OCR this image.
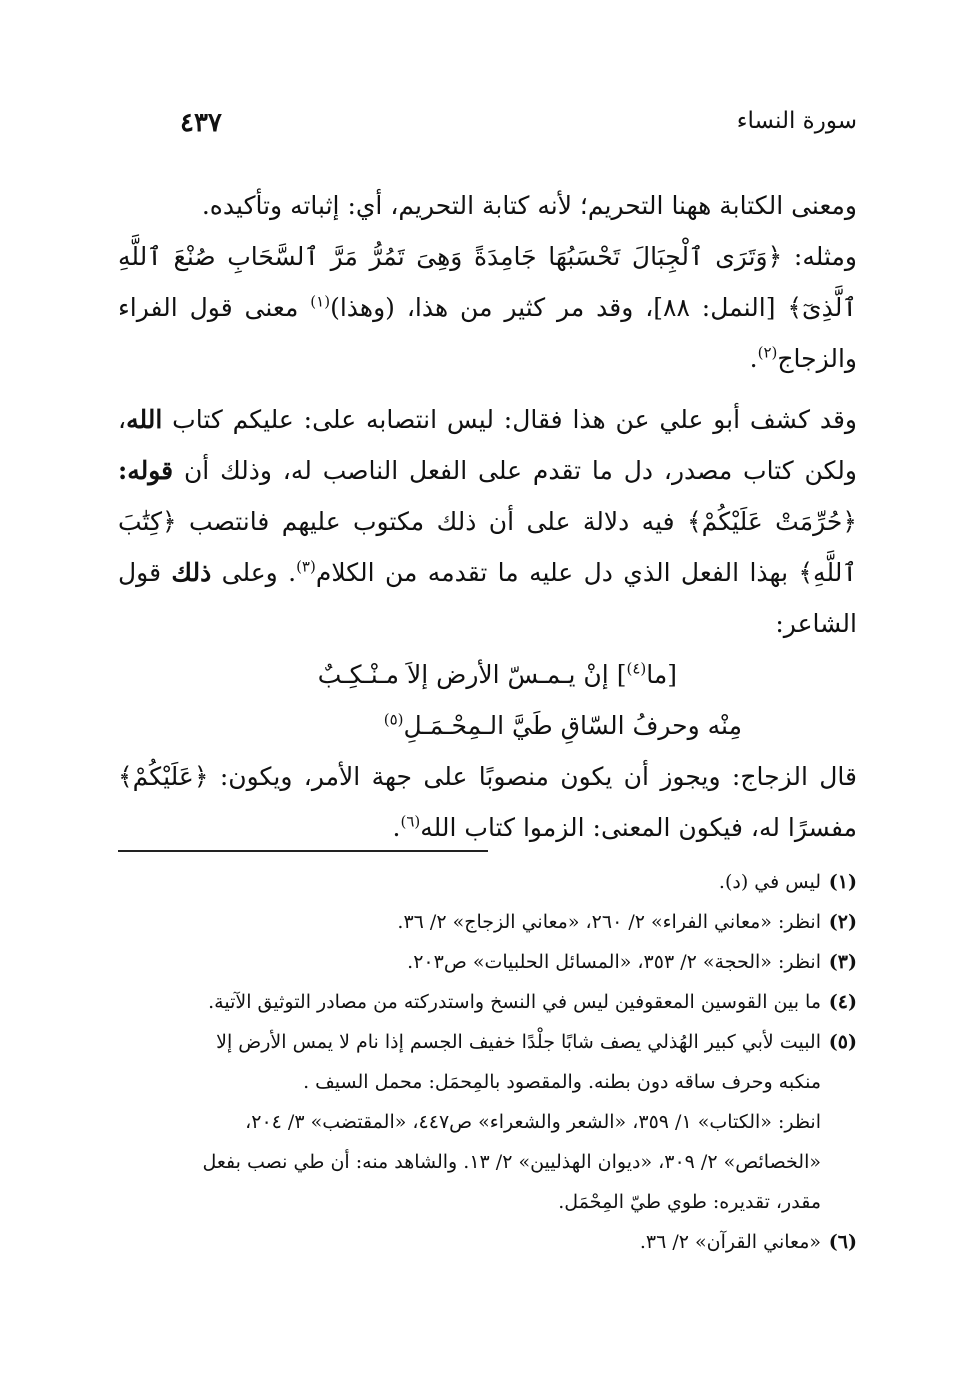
سورة النساء
٤٣٧

ومعنى الكتابة ههنا التحريم؛ لأنه كتابة التحريم، أي: إثباته وتأكيده.

ومثله: ﴿وَتَرَى ٱلْجِبَالَ تَحْسَبُهَا جَامِدَةً وَهِىَ تَمُرُّ مَرَّ ٱلسَّحَابِ صُنْعَ ٱللَّهِ ٱلَّذِىٓ﴾ [النمل: ٨٨]، وقد مر كثير من هذا، (وهذا)$^{(١)}$ معنى قول الفراء والزجاج$^{(٢)}$.

وقد كشف أبو علي عن هذا فقال: ليس انتصابه على: عليكم كتاب الله، ولكن كتاب مصدر، دل ما تقدم على الفعل الناصب له، وذلك أن قوله: ﴿حُرِّمَتْ عَلَيْكُمْ﴾ فيه دلالة على أن ذلك مكتوب عليهم فانتصب ﴿كِتَٰبَ ٱللَّهِ﴾ بهذا الفعل الذي دل عليه ما تقدمه من الكلام$^{(٣)}$. وعلى ذلك قول الشاعر:

[ما$^{(٤)}$] إنْ يـمـسّ الأرض إلاَ مـنْـكِـبٌ

مِنْه وحرفُ السّاقِ طَيَّ الـمِحْـمَـلِ$^{(٥)}$

قال الزجاج: ويجوز أن يكون منصوبًا على جهة الأمر، ويكون: ﴿عَلَيْكُمْ﴾ مفسرًا له، فيكون المعنى: الزموا كتاب الله$^{(٦)}$.

(١)
ليس في (د).
(٢)
انظر: «معاني الفراء» ٢/ ٢٦٠، «معاني الزجاج» ٢/ ٣٦.
(٣)
انظر: «الحجة» ٢/ ٣٥٣، «المسائل الحلبيات» ص٢٠٣.
(٤)
ما بين القوسين المعقوفين ليس في النسخ واستدركته من مصادر التوثيق الآتية.
(٥)
البيت لأبي كبير الهُذلي يصف شابًا جلْدًا خفيف الجسم إذا نام لا يمس الأرض إلا
منكبه وحرف ساقه دون بطنه. والمقصود بالمِحمَل: محمل السيف .
انظر: «الكتاب» ١/ ٣٥٩، «الشعر والشعراء» ص٤٤٧، «المقتضب» ٣/ ٢٠٤،
«الخصائص» ٢/ ٣٠٩، «ديوان الهذليين» ٢/ ١٣. والشاهد منه: أن طي نصب بفعل
مقدر، تقديره: طوي طيّ المِحْمَل.
(٦)
«معاني القرآن» ٢/ ٣٦.
